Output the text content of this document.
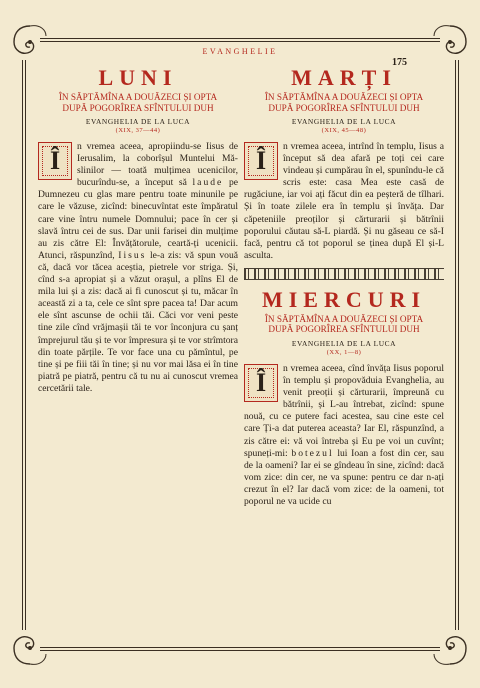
EVANGHELIE
175
LUNI
ÎN SĂPTĂMÎNA A DOUĂZECI ȘI OPTA
DUPĂ POGORÎREA SFÎNTULUI DUH
EVANGHELIA DE LA LUCA
(XIX, 37—44)
Î	n vremea aceea, apropiindu-se Iisus de Ierusalim, la coborîșul Muntelui Măslinilor — toată mulțimea ucenicilor, bucurîndu-se, a început să laude pe Dumnezeu cu glas mare pentru toate minunile pe care le văzuse, zicînd: binecuvîntat este împăratul care vine întru numele Domnului; pace în cer și slavă întru cei de sus. Dar unii farisei din mulțime au zis către El: Învățătorule, ceartă-ți ucenicii. Atunci, răspunzînd, Iisus le-a zis: vă spun vouă că, dacă vor tăcea aceștia, pietrele vor striga. Și, cînd s-a apropiat și a văzut orașul, a plîns El de mila lui și a zis: dacă ai fi cunoscut și tu, măcar în această zi a ta, cele ce sînt spre pacea ta! Dar acum ele sînt ascunse de ochii tăi. Căci vor veni peste tine zile cînd vrăjmașii tăi te vor înconjura cu șanț împrejurul tău și te vor împresura și te vor strîmtora din toate părțile. Te vor face una cu pămîntul, pe tine și pe fiii tăi în tine; și nu vor mai lăsa ei în tine piatră pe piatră, pentru că tu nu ai cunoscut vremea cercetării tale.
MARȚI
ÎN SĂPTĂMÎNA A DOUĂZECI ȘI OPTA
DUPĂ POGORÎREA SFÎNTULUI DUH
EVANGHELIA DE LA LUCA
(XIX, 45—48)
Î	n vremea aceea, intrînd în templu, Iisus a început să dea afară pe toți cei care vindeau și cumpărau în el, spunîndu-le că scris este: casa Mea este casă de rugăciune, iar voi ați făcut din ea peșteră de tîlhari. Și în toate zilele era în templu și învăța. Dar căpeteniile preoților și cărturarii și bătrînii poporului căutau să-L piardă. Și nu găseau ce să-I facă, pentru că tot poporul se ținea după El și-L asculta.
MIERCURI
ÎN SĂPTĂMÎNA A DOUĂZECI ȘI OPTA
DUPĂ POGORÎREA SFÎNTULUI DUH
EVANGHELIA DE LA LUCA
(XX, 1—8)
Î	n vremea aceea, cînd învăța Iisus poporul în templu și propovăduia Evanghelia, au venit preoții și cărturarii, împreună cu bătrînii, și L-au întrebat, zicînd: spune nouă, cu ce putere faci acestea, sau cine este cel care Ți-a dat puterea aceasta? Iar El, răspunzînd, a zis către ei: vă voi întreba și Eu pe voi un cuvînt; spuneți-mi: botezul lui Ioan a fost din cer, sau de la oameni? Iar ei se gîndeau în sine, zicînd: dacă vom zice: din cer, ne va spune: pentru ce dar n-ați crezut în el? Iar dacă vom zice: de la oameni, tot poporul ne va ucide cu
